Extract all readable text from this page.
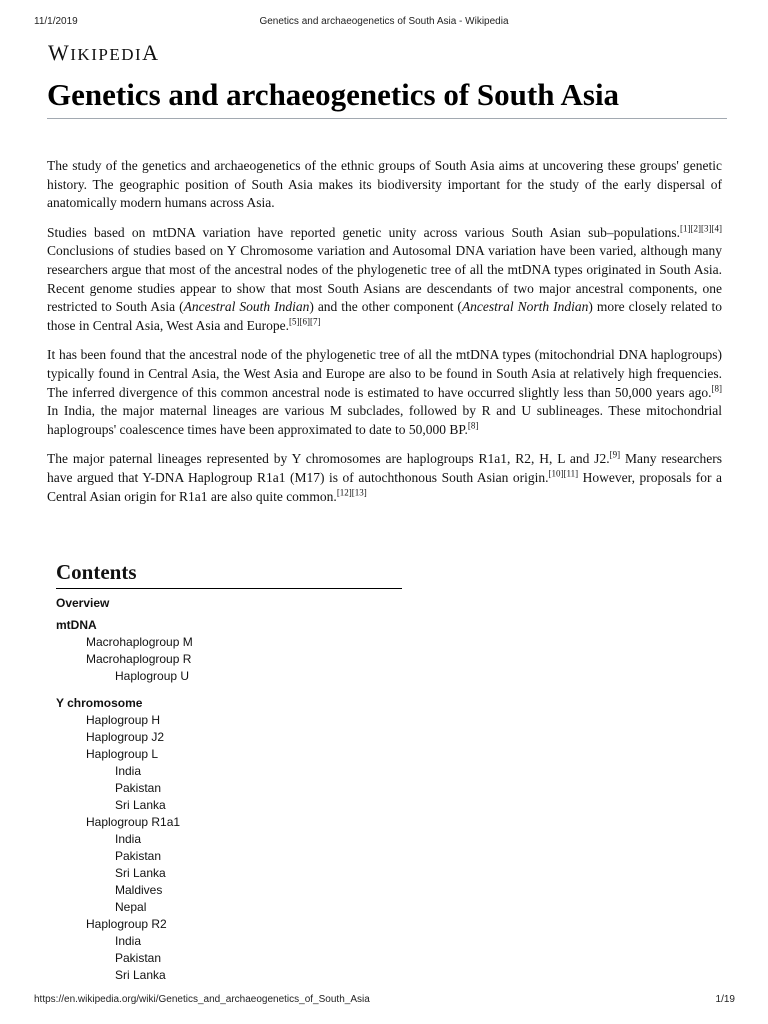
11/1/2019	Genetics and archaeogenetics of South Asia - Wikipedia
WIKIPEDIA
Genetics and archaeogenetics of South Asia

The study of the genetics and archaeogenetics of the ethnic groups of South Asia aims at uncovering these groups' genetic history. The geographic position of South Asia makes its biodiversity important for the study of the early dispersal of anatomically modern humans across Asia.

Studies based on mtDNA variation have reported genetic unity across various South Asian sub–populations.[1][2][3][4] Conclusions of studies based on Y Chromosome variation and Autosomal DNA variation have been varied, although many researchers argue that most of the ancestral nodes of the phylogenetic tree of all the mtDNA types originated in South Asia. Recent genome studies appear to show that most South Asians are descendants of two major ancestral components, one restricted to South Asia (Ancestral South Indian) and the other component (Ancestral North Indian) more closely related to those in Central Asia, West Asia and Europe.[5][6][7]

It has been found that the ancestral node of the phylogenetic tree of all the mtDNA types (mitochondrial DNA haplogroups) typically found in Central Asia, the West Asia and Europe are also to be found in South Asia at relatively high frequencies. The inferred divergence of this common ancestral node is estimated to have occurred slightly less than 50,000 years ago.[8] In India, the major maternal lineages are various M subclades, followed by R and U sublineages. These mitochondrial haplogroups' coalescence times have been approximated to date to 50,000 BP.[8]

The major paternal lineages represented by Y chromosomes are haplogroups R1a1, R2, H, L and J2.[9] Many researchers have argued that Y-DNA Haplogroup R1a1 (M17) is of autochthonous South Asian origin.[10][11] However, proposals for a Central Asian origin for R1a1 are also quite common.[12][13]

Contents
Overview
mtDNA
Macrohaplogroup M
Macrohaplogroup R
Haplogroup U
Y chromosome
Haplogroup H
Haplogroup J2
Haplogroup L
India
Pakistan
Sri Lanka
Haplogroup R1a1
India
Pakistan
Sri Lanka
Maldives
Nepal
Haplogroup R2
India
Pakistan
Sri Lanka
https://en.wikipedia.org/wiki/Genetics_and_archaeogenetics_of_South_Asia	1/19
